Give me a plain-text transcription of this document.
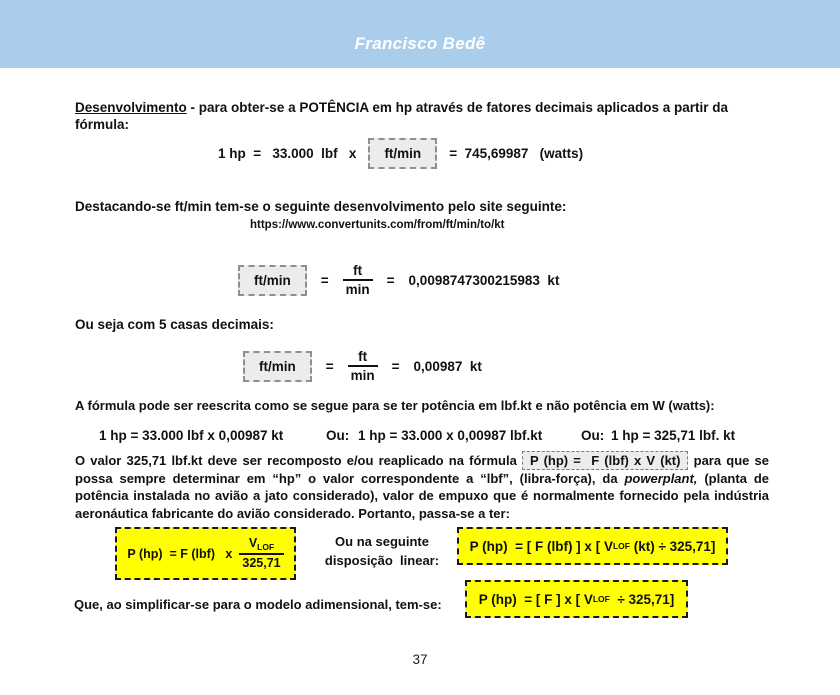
Francisco Bedê
Desenvolvimento - para obter-se a POTÊNCIA em hp através de fatores decimais aplicados a partir da fórmula:
1 hp  =   33.000  lbf   x	ft/min	=  745,69987   (watts)
Destacando-se ft/min tem-se o seguinte desenvolvimento pelo site seguinte:
https://www.convertunits.com/from/ft/min/to/kt
ft/min	= $\frac{ft}{\min} = 0,0098747300215983$  kt
Ou seja com 5 casas decimais:
ft/min	= $\frac{ft}{\min} = 0,00987$  kt
A fórmula pode ser reescrita como se segue para se ter potência em lbf.kt e não potência em W (watts):
1 hp = 33.000 lbf x 0,00987 kt	Ou: 1 hp = 33.000 x 0,00987 lbf.kt	Ou: 1 hp = 325,71 lbf. kt
O valor 325,71 lbf.kt deve ser recomposto e/ou reaplicado na fórmula P (hp) =  F (lbf) x V (kt) para que se possa sempre determinar em “hp” o valor correspondente a “lbf”, (libra-força), da powerplant, (planta de potência instalada no avião a jato considerado), valor de empuxo que é normalmente fornecido pela indústria aeronáutica fabricante do avião considerado. Portanto, passa-se a ter:
P (hp)  = F (lbf)   x $\frac{V_{LOF}}{325,71}$	Ou na seguinte
disposição  linear:
P (hp)  = [ F (lbf) ] x [ V LOF (kt) ÷ 325,71]
Que, ao simplificar-se para o modelo adimensional, tem-se:	P (hp)  = [ F ] x [ V LOF ÷ 325,71]
37
